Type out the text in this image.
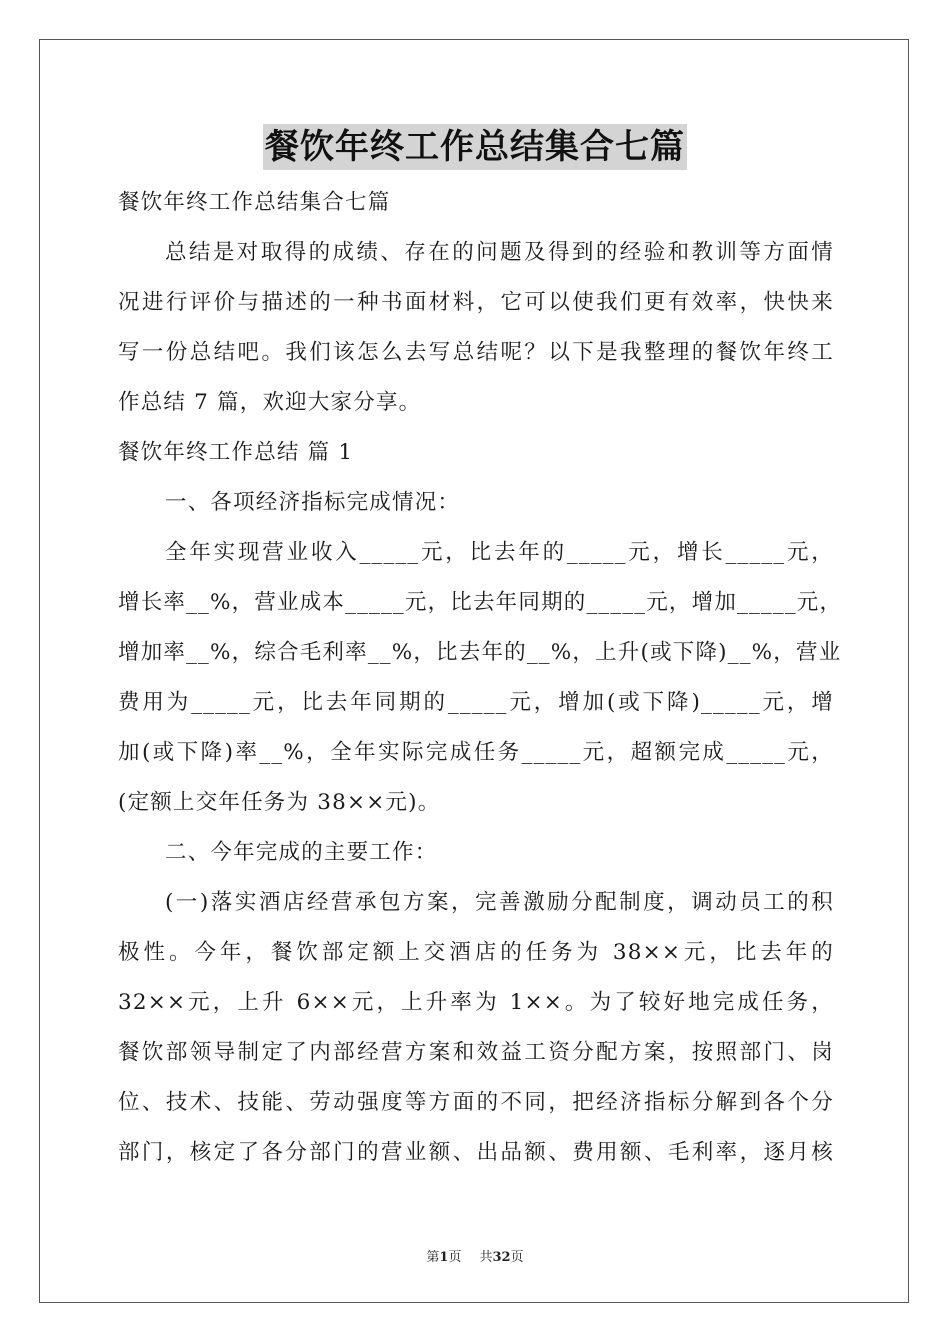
餐饮年终工作总结集合七篇
餐饮年终工作总结集合七篇
总结是对取得的成绩、存在的问题及得到的经验和教训等方面情
况进行评价与描述的一种书面材料，它可以使我们更有效率，快快来
写一份总结吧。我们该怎么去写总结呢？以下是我整理的餐饮年终工
作总结 7 篇，欢迎大家分享。
餐饮年终工作总结 篇 1
一、各项经济指标完成情况：
全年实现营业收入_____元，比去年的_____元，增长_____元，
增长率__%，营业成本_____元，比去年同期的_____元，增加_____元，
增加率__%，综合毛利率__%，比去年的__%，上升(或下降)__%，营业
费用为_____元，比去年同期的_____元，增加(或下降)_____元，增
加(或下降)率__%，全年实际完成任务_____元，超额完成_____元，
(定额上交年任务为 38××元)。
二、今年完成的主要工作：
(一)落实酒店经营承包方案，完善激励分配制度，调动员工的积
极性。今年，餐饮部定额上交酒店的任务为 38××元，比去年的
32××元，上升 6××元，上升率为 1××。为了较好地完成任务，
餐饮部领导制定了内部经营方案和效益工资分配方案，按照部门、岗
位、技术、技能、劳动强度等方面的不同，把经济指标分解到各个分
部门，核定了各分部门的营业额、出品额、费用额、毛利率，逐月核
第1页 共32页
